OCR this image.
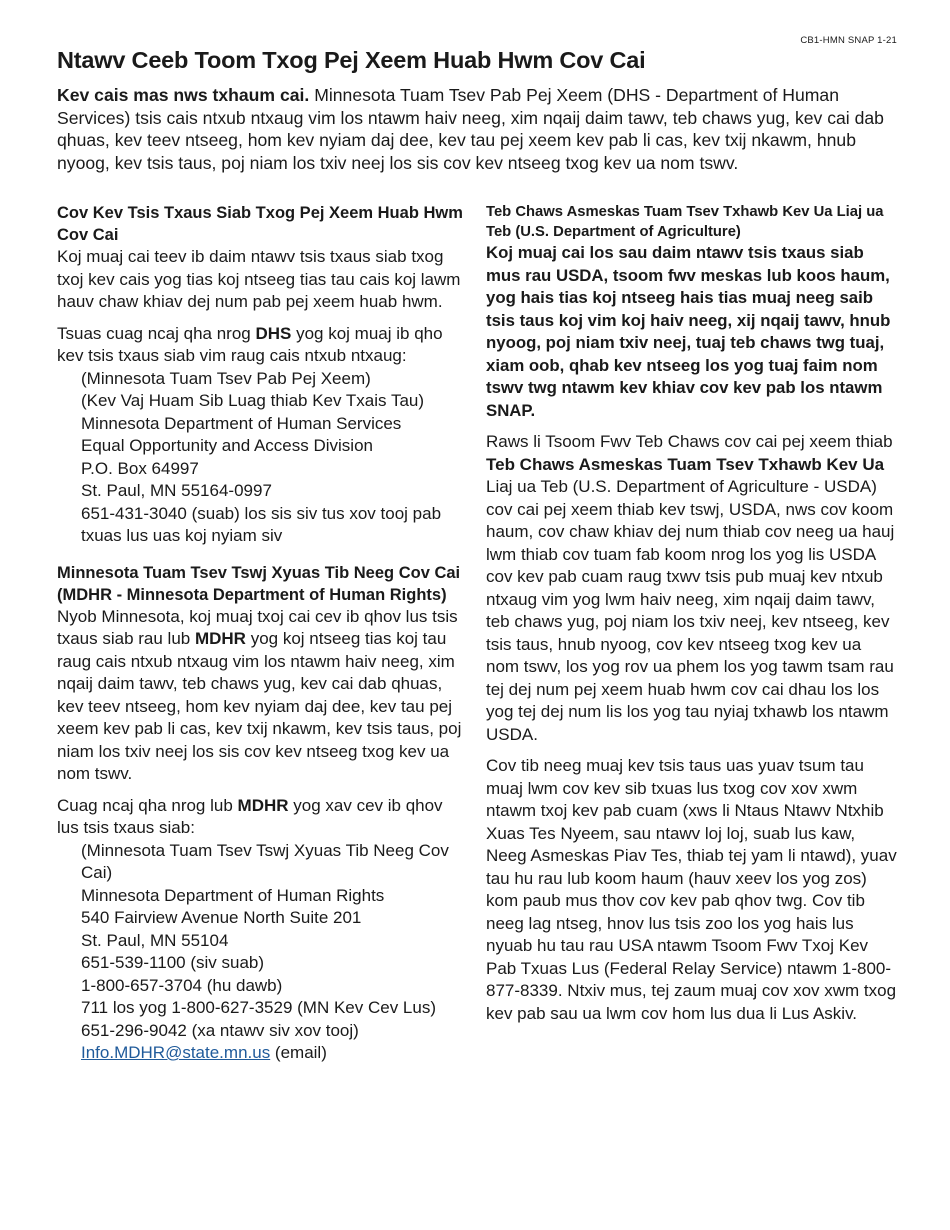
CB1-HMN SNAP 1-21
Ntawv Ceeb Toom Txog Pej Xeem Huab Hwm Cov Cai

Kev cais mas nws txhaum cai. Minnesota Tuam Tsev Pab Pej Xeem (DHS - Department of Human Services) tsis cais ntxub ntxaug vim los ntawm haiv neeg, xim nqaij daim tawv, teb chaws yug, kev cai dab qhuas, kev teev ntseeg, hom kev nyiam daj dee, kev tau pej xeem kev pab li cas, kev txij nkawm, hnub nyoog, kev tsis taus, poj niam los txiv neej los sis cov kev ntseeg txog kev ua nom tswv.

Cov Kev Tsis Txaus Siab Txog Pej Xeem Huab Hwm Cov Cai

Koj muaj cai teev ib daim ntawv tsis txaus siab txog txoj kev cais yog tias koj ntseeg tias tau cais koj lawm hauv chaw khiav dej num pab pej xeem huab hwm.

Tsuas cuag ncaj qha nrog DHS yog koj muaj ib qho kev tsis txaus siab vim raug cais ntxub ntxaug:

(Minnesota Tuam Tsev Pab Pej Xeem)
(Kev Vaj Huam Sib Luag thiab Kev Txais Tau)
Minnesota Department of Human Services
Equal Opportunity and Access Division
P.O. Box 64997
St. Paul, MN 55164-0997
651-431-3040 (suab) los sis siv tus xov tooj pab txuas lus uas koj nyiam siv
Minnesota Tuam Tsev Tswj Xyuas Tib Neeg Cov Cai (MDHR - Minnesota Department of Human Rights)

Nyob Minnesota, koj muaj txoj cai cev ib qhov lus tsis txaus siab rau lub MDHR yog koj ntseeg tias koj tau raug cais ntxub ntxaug vim los ntawm haiv neeg, xim nqaij daim tawv, teb chaws yug, kev cai dab qhuas, kev teev ntseeg, hom kev nyiam daj dee, kev tau pej xeem kev pab li cas, kev txij nkawm, kev tsis taus, poj niam los txiv neej los sis cov kev ntseeg txog kev ua nom tswv.

Cuag ncaj qha nrog lub MDHR yog xav cev ib qhov lus tsis txaus siab:

(Minnesota Tuam Tsev Tswj Xyuas Tib Neeg Cov Cai)
Minnesota Department of Human Rights
540 Fairview Avenue North Suite 201
St. Paul, MN 55104
651-539-1100 (siv suab)
1-800-657-3704 (hu dawb)
711 los yog 1-800-627-3529 (MN Kev Cev Lus)
651-296-9042 (xa ntawv siv xov tooj)
Info.MDHR@state.mn.us (email)
Teb Chaws Asmeskas Tuam Tsev Txhawb Kev Ua Liaj ua Teb (U.S. Department of Agriculture)

Koj muaj cai los sau daim ntawv tsis txaus siab mus rau USDA, tsoom fwv meskas lub koos haum, yog hais tias koj ntseeg hais tias muaj neeg saib tsis taus koj vim koj haiv neeg, xij nqaij tawv, hnub nyoog, poj niam txiv neej, tuaj teb chaws twg tuaj, xiam oob, qhab kev ntseeg los yog tuaj faim nom tswv twg ntawm kev khiav cov kev pab los ntawm SNAP.

Raws li Tsoom Fwv Teb Chaws cov cai pej xeem thiab Teb Chaws Asmeskas Tuam Tsev Txhawb Kev Ua Liaj ua Teb (U.S. Department of Agriculture - USDA) cov cai pej xeem thiab kev tswj, USDA, nws cov koom haum, cov chaw khiav dej num thiab cov neeg ua hauj lwm thiab cov tuam fab koom nrog los yog lis USDA cov kev pab cuam raug txwv tsis pub muaj kev ntxub ntxaug vim yog lwm haiv neeg, xim nqaij daim tawv, teb chaws yug, poj niam los txiv neej, kev ntseeg, kev tsis taus, hnub nyoog, cov kev ntseeg txog kev ua nom tswv, los yog rov ua phem los yog tawm tsam rau tej dej num pej xeem huab hwm cov cai dhau los los yog tej dej num lis los yog tau nyiaj txhawb los ntawm USDA.

Cov tib neeg muaj kev tsis taus uas yuav tsum tau muaj lwm cov kev sib txuas lus txog cov xov xwm ntawm txoj kev pab cuam (xws li Ntaus Ntawv Ntxhib Xuas Tes Nyeem, sau ntawv loj loj, suab lus kaw, Neeg Asmeskas Piav Tes, thiab tej yam li ntawd), yuav tau hu rau lub koom haum (hauv xeev los yog zos) kom paub mus thov cov kev pab qhov twg. Cov tib neeg lag ntseg, hnov lus tsis zoo los yog hais lus nyuab hu tau rau USA ntawm Tsoom Fwv Txoj Kev Pab Txuas Lus (Federal Relay Service) ntawm 1-800-877-8339. Ntxiv mus, tej zaum muaj cov xov xwm txog kev pab sau ua lwm cov hom lus dua li Lus Askiv.
